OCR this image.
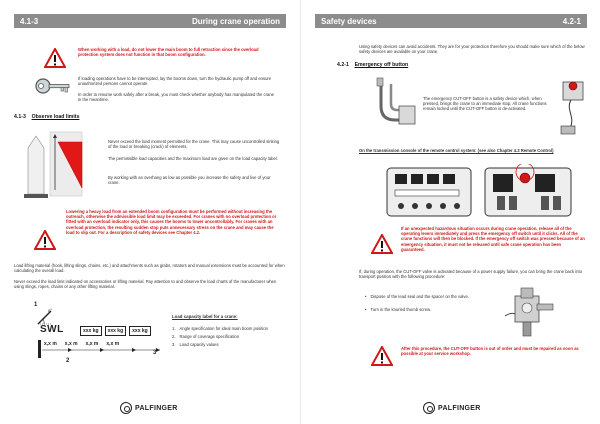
4.1-3	During crane operation
When working with a load, do not lower the main boom to full retraction since the overload protection system does not function in that boom configuration.
If loading operations have to be interrupted, lay the booms down, turn the hydraulic pump off and ensure unauthorized persons cannot operate.
In order to resume work safely after a break, you must check whether anybody has manipulated the crane in the meantime.
4.1-3 Observe load limits
Never exceed the load moment permitted for the crane. This may cause uncontrolled sinking of the load or breaking (crack) of elements.
The permissible load capacities and the maximum load are given on the load capacity label.
By working with an overhang as low as possible you increase the safety and live of your crane.
Lowering a heavy load from an extended boom configuration must be performed without increasing the outreach, otherwise the admissible load limit may be exceeded. For cranes with no overload protection or fitted with an overload indicator only, this causes the booms to lower uncontrollably. For cranes with an overload protection, the resulting sudden stop puts unnecessary stress on the crane and may cause the load to slip out. For a description of safety devices see Chapter 4.2.
Load lifting material (hook, lifting slings, chains, etc.) and attachments such as grabs, rotators and manual extensions must be accounted for when calculating the overall load.
Never exceed the load limit indicated on accessories or lifting material. Pay attention to and observe the load charts of the manufacturer when using slings, ropes, chains or any other lifting material.
1
x°
SWL	xxx kg	xxx kg	xxx kg
x,x m x,x m x,x m x,x m
2
3
Load capacity label for a crane:
1. Angle specification for ideal main boom position
2. Range of coverage specification
3. Load capacity values
PALFINGER
Safety devices	4.2-1
Using safety devices can avoid accidents. They are for your protection therefore you should make sure which of the below safety devices are available on your crane.
4.2-1 Emergency off button
The emergency CUT-OFF button is a safety device which, when pressed, brings the crane to an immediate stop. All crane functions remain locked until the CUT-OFF button is de-activated.
On the transmission console of the remote control system: (see also Chapter 4.3 Remote Control)
If an unexpected hazardous situation occurs during crane operation, release all of the operating levers immediately and press the emergency off switch until it clicks. All of the crane functions will then be blocked. If the emergency off switch was pressed because of an emergency situation, it must not be released until safe crane operation has been guaranteed.
If, during operation, the CUT-OFF valve is activated because of a power supply failure, you can bring the crane back into transport position with the following procedure:
• Dispose of the lead seal and the spacer on the valve.
• Turn in the knurled thumb screw.
After this procedure, the CUT-OFF button is out of order and must be repaired as soon as possible at your service workshop.
PALFINGER
